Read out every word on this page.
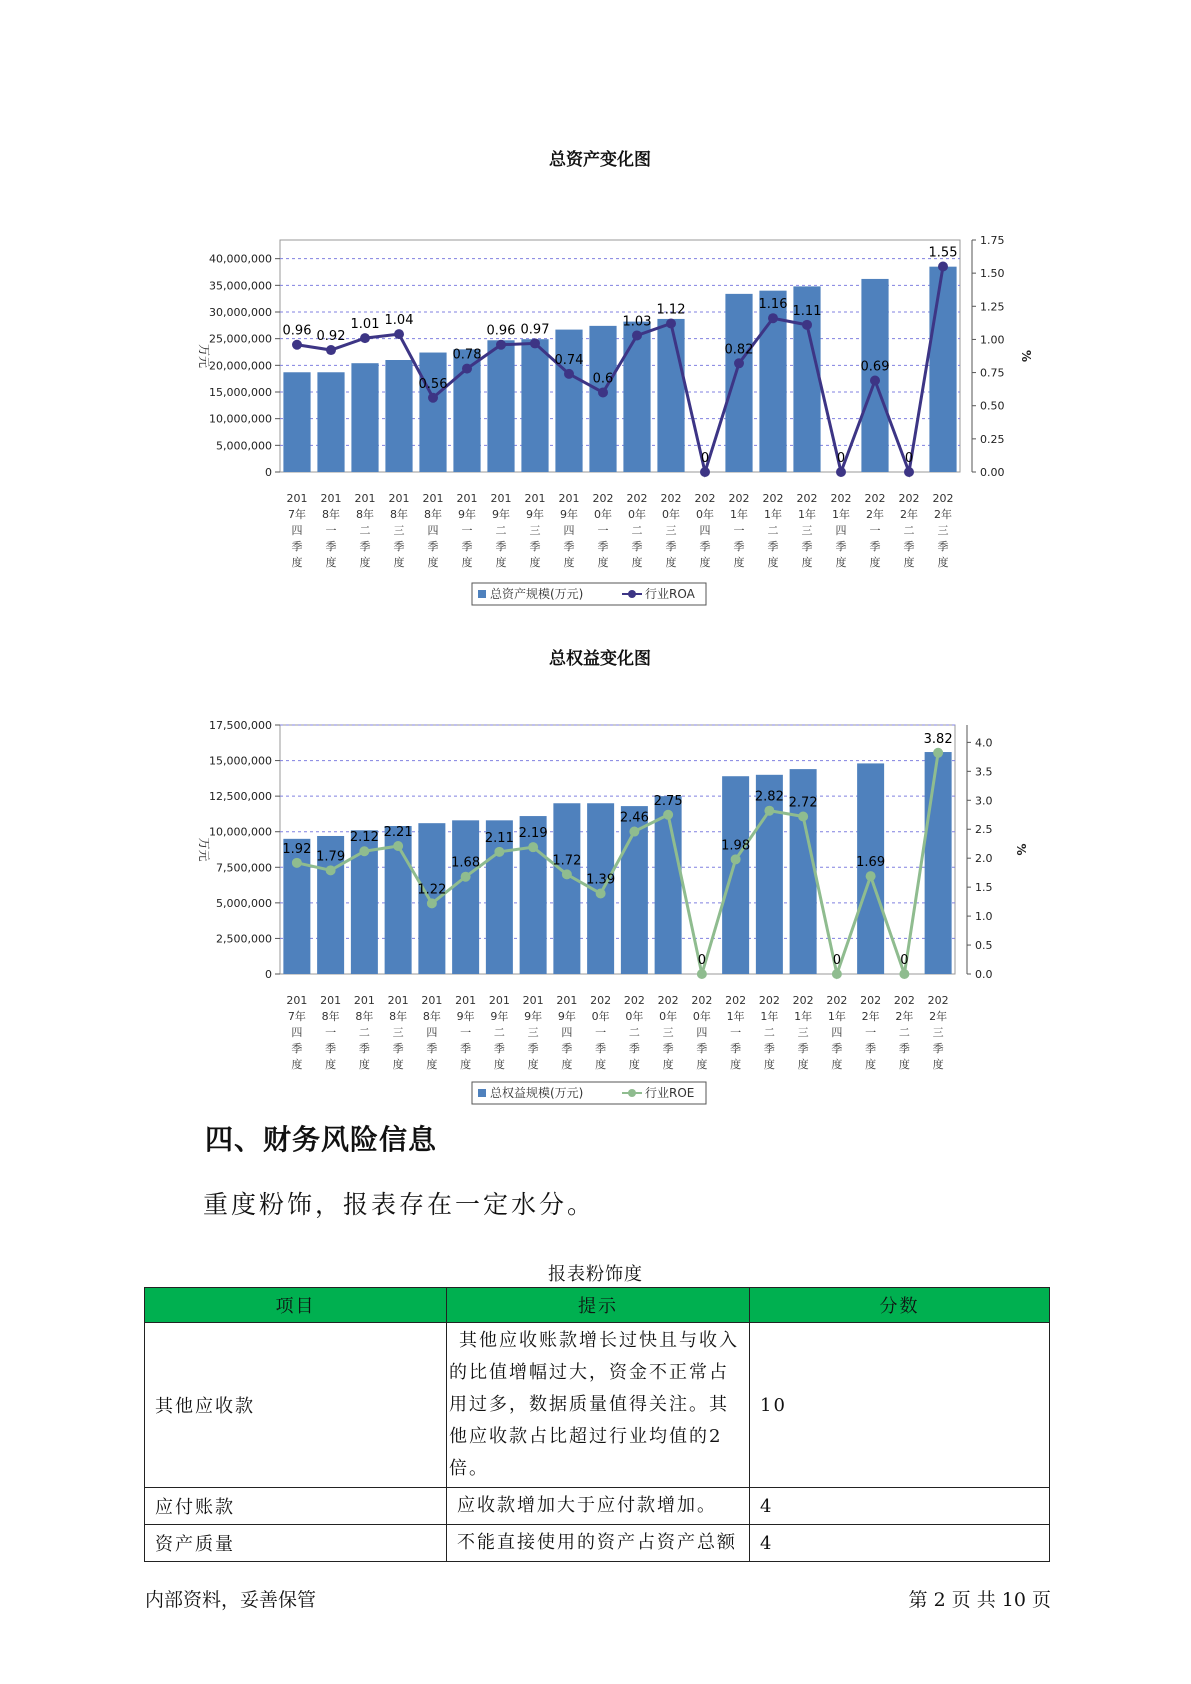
总资产变化图
0
5,000,000
10,000,000
15,000,000
20,000,000
25,000,000
30,000,000
35,000,000
40,000,000
0.00
0.25
0.50
0.75
1.00
1.25
1.50
1.75
万元	%
0.96 0.92
1.01 1.04
0.56
0.78
0.96 0.97
0.74
0.6
1.03
1.12
0
0.82
1.16 1.11
0
0.69
0
1.55
201 7年四季度
201 8年一季度
201 8年二季度
201 8年三季度
201 8年四季度
201 9年一季度
201 9年二季度
201 9年三季度
201 9年四季度
202 0年一季度
202 0年二季度
202 0年三季度
202 0年四季度
202 1年一季度
202 1年二季度
202 1年三季度
202 1年四季度
202 2年一季度
202 2年二季度
202 2年三季度
总资产规模(万元)	行业ROA
总权益变化图
0
2,500,000
5,000,000
7,500,000
10,000,000
12,500,000
15,000,000
17,500,000
0.0
0.5
1.0
1.5
2.0
2.5
3.0
3.5
4.0
万元	%
1.92
1.79
2.12 2.21
1.22
1.68
2.11 2.19
1.72
1.39
2.46
2.75
0
1.98
2.82 2.72
0
1.69
0
3.82
201 7年四季度
201 8年一季度
201 8年二季度
201 8年三季度
201 8年四季度
201 9年一季度
201 9年二季度
201 9年三季度
201 9年四季度
202 0年一季度
202 0年二季度
202 0年三季度
202 0年四季度
202 1年一季度
202 1年二季度
202 1年三季度
202 1年四季度
202 2年一季度
202 2年二季度
202 2年三季度
总权益规模(万元)	行业ROE
四、财务风险信息
重度粉饰，报表存在一定水分。
报表粉饰度
项目	提示	分数
其他应收款	其他应收账款增长过快且与收入的比值增幅过大，资金不正常占用过多，数据质量值得关注。其他应收款占比超过行业均值的2倍。	10
应付账款	应收款增加大于应付款增加。	4
资产质量	不能直接使用的资产占资产总额	4
内部资料，妥善保管	第 2 页 共 10 页
